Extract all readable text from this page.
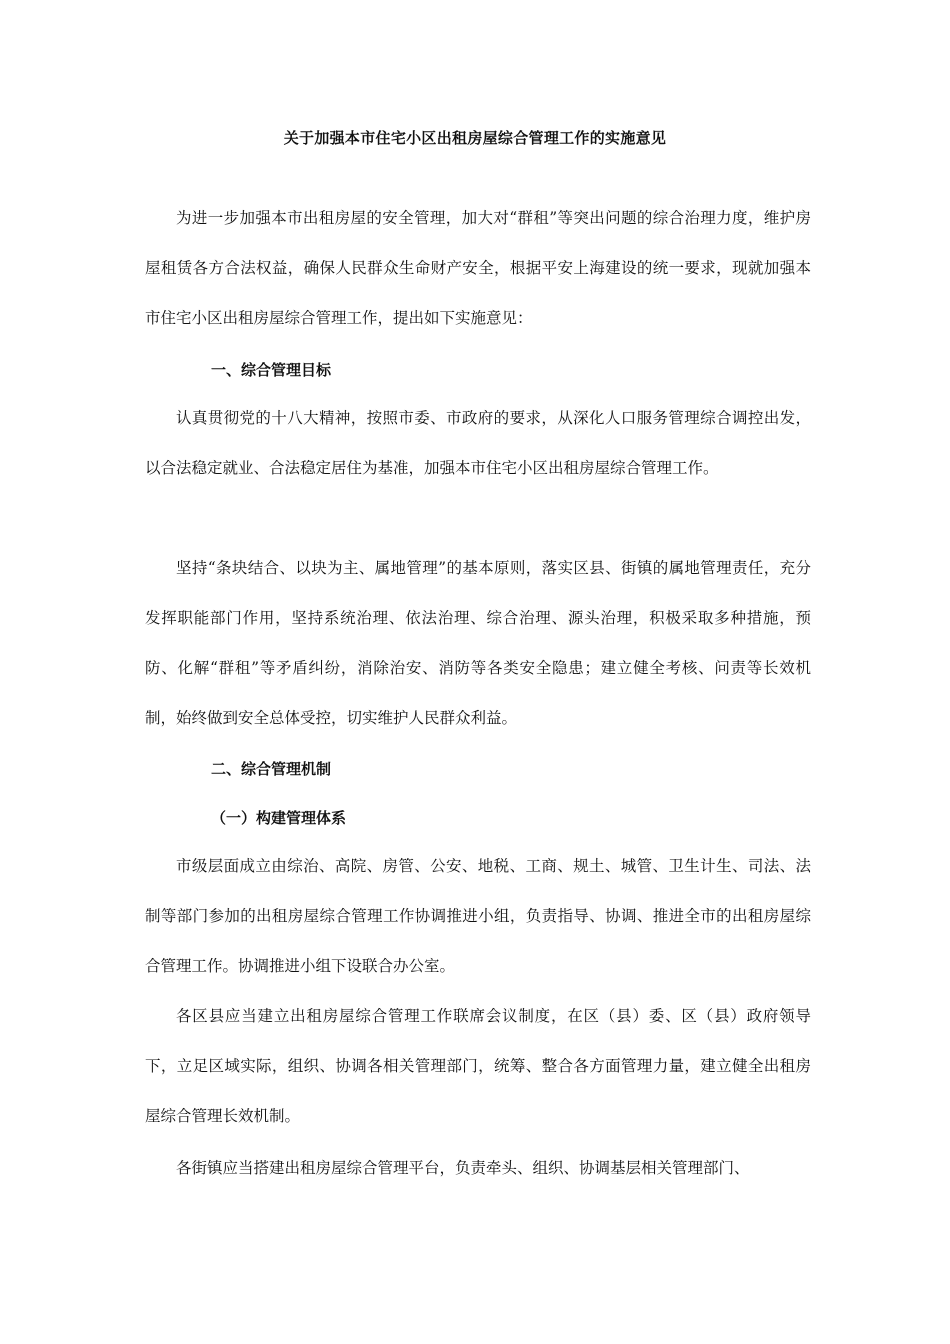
关于加强本市住宅小区出租房屋综合管理工作的实施意见

为进一步加强本市出租房屋的安全管理，加大对“群租”等突出问题的综合治理力度，维护房屋租赁各方合法权益，确保人民群众生命财产安全，根据平安上海建设的统一要求，现就加强本市住宅小区出租房屋综合管理工作，提出如下实施意见：

一、综合管理目标

认真贯彻党的十八大精神，按照市委、市政府的要求，从深化人口服务管理综合调控出发，以合法稳定就业、合法稳定居住为基准，加强本市住宅小区出租房屋综合管理工作。

坚持“条块结合、以块为主、属地管理”的基本原则，落实区县、街镇的属地管理责任，充分发挥职能部门作用，坚持系统治理、依法治理、综合治理、源头治理，积极采取多种措施，预防、化解“群租”等矛盾纠纷，消除治安、消防等各类安全隐患；建立健全考核、问责等长效机制，始终做到安全总体受控，切实维护人民群众利益。

二、综合管理机制

（一）构建管理体系

市级层面成立由综治、高院、房管、公安、地税、工商、规土、城管、卫生计生、司法、法制等部门参加的出租房屋综合管理工作协调推进小组，负责指导、协调、推进全市的出租房屋综合管理工作。协调推进小组下设联合办公室。

各区县应当建立出租房屋综合管理工作联席会议制度，在区（县）委、区（县）政府领导下，立足区域实际，组织、协调各相关管理部门，统筹、整合各方面管理力量，建立健全出租房屋综合管理长效机制。

各街镇应当搭建出租房屋综合管理平台，负责牵头、组织、协调基层相关管理部门、
